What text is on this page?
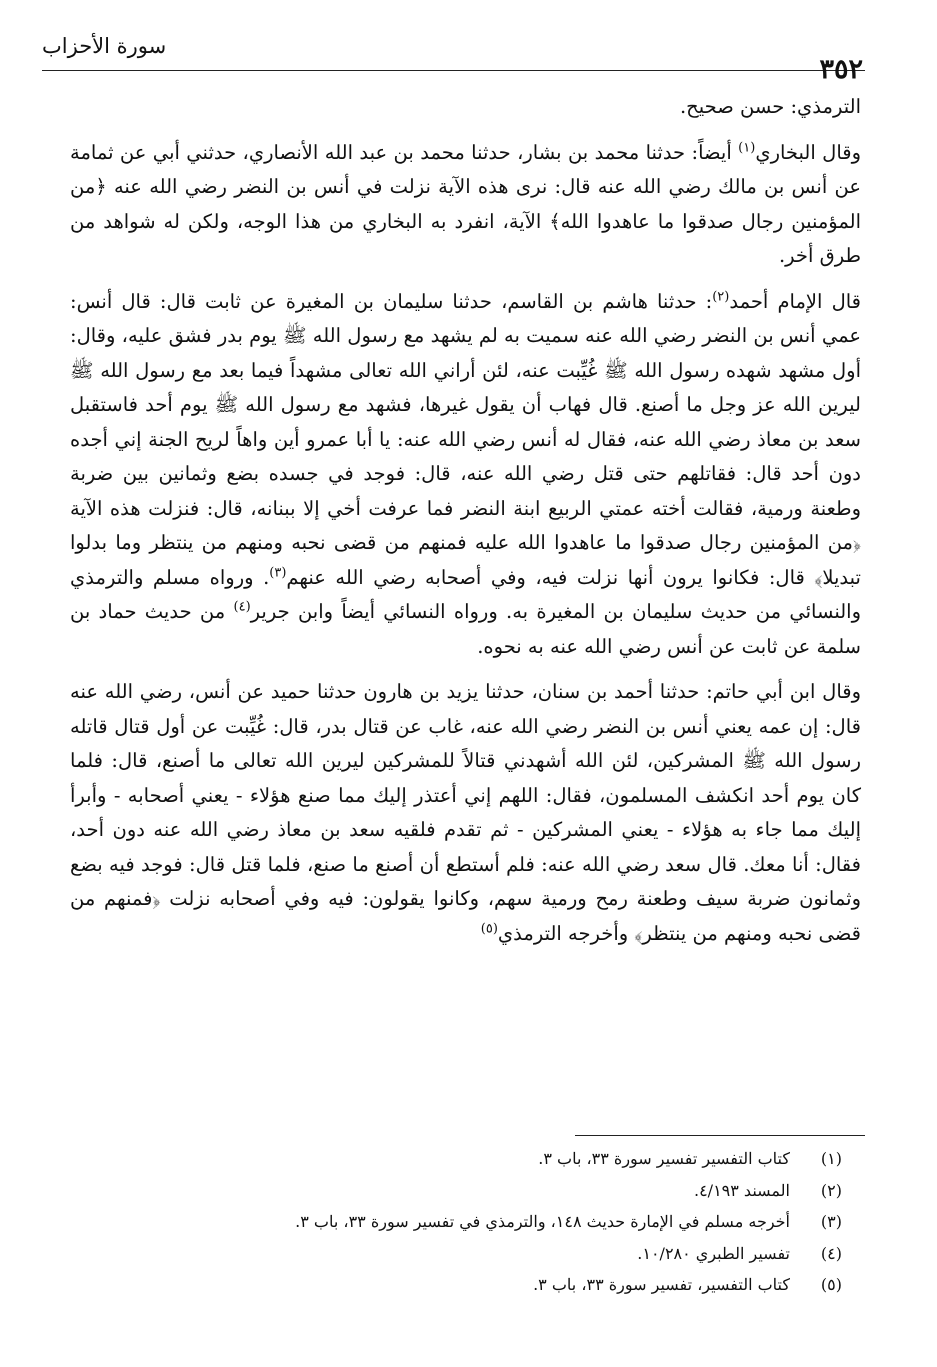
سورة الأحزاب
٣٥٢

الترمذي: حسن صحيح.

وقال البخاري$^{(١)}$ أيضاً: حدثنا محمد بن بشار، حدثنا محمد بن عبد الله الأنصاري، حدثني أبي عن ثمامة عن أنس بن مالك رضي الله عنه قال: نرى هذه الآية نزلت في أنس بن النضر رضي الله عنه ﴿من المؤمنين رجال صدقوا ما عاهدوا الله﴾ الآية، انفرد به البخاري من هذا الوجه، ولكن له شواهد من طرق أخر.

قال الإمام أحمد$^{(٢)}$: حدثنا هاشم بن القاسم، حدثنا سليمان بن المغيرة عن ثابت قال: قال أنس: عمي أنس بن النضر رضي الله عنه سميت به لم يشهد مع رسول الله ﷺ يوم بدر فشق عليه، وقال: أول مشهد شهده رسول الله ﷺ غُيِّبت عنه، لئن أراني الله تعالى مشهداً فيما بعد مع رسول الله ﷺ ليرين الله عز وجل ما أصنع. قال فهاب أن يقول غيرها، فشهد مع رسول الله ﷺ يوم أحد فاستقبل سعد بن معاذ رضي الله عنه، فقال له أنس رضي الله عنه: يا أبا عمرو أين واهاً لريح الجنة إني أجده دون أحد قال: فقاتلهم حتى قتل رضي الله عنه، قال: فوجد في جسده بضع وثمانين بين ضربة وطعنة ورمية، فقالت أخته عمتي الربيع ابنة النضر فما عرفت أخي إلا ببنانه، قال: فنزلت هذه الآية ﴿من المؤمنين رجال صدقوا ما عاهدوا الله عليه فمنهم من قضى نحبه ومنهم من ينتظر وما بدلوا تبديلا﴾ قال: فكانوا يرون أنها نزلت فيه، وفي أصحابه رضي الله عنهم$^{(٣)}$. ورواه مسلم والترمذي والنسائي من حديث سليمان بن المغيرة به. ورواه النسائي أيضاً وابن جرير$^{(٤)}$ من حديث حماد بن سلمة عن ثابت عن أنس رضي الله عنه به نحوه.

وقال ابن أبي حاتم: حدثنا أحمد بن سنان، حدثنا يزيد بن هارون حدثنا حميد عن أنس، رضي الله عنه قال: إن عمه يعني أنس بن النضر رضي الله عنه، غاب عن قتال بدر، قال: غُيِّبت عن أول قتال قاتله رسول الله ﷺ المشركين، لئن الله أشهدني قتالاً للمشركين ليرين الله تعالى ما أصنع، قال: فلما كان يوم أحد انكشف المسلمون، فقال: اللهم إني أعتذر إليك مما صنع هؤلاء - يعني أصحابه - وأبرأ إليك مما جاء به هؤلاء - يعني المشركين - ثم تقدم فلقيه سعد بن معاذ رضي الله عنه دون أحد، فقال: أنا معك. قال سعد رضي الله عنه: فلم أستطع أن أصنع ما صنع، فلما قتل قال: فوجد فيه بضع وثمانون ضربة سيف وطعنة رمح ورمية سهم، وكانوا يقولون: فيه وفي أصحابه نزلت ﴿فمنهم من قضى نحبه ومنهم من ينتظر﴾ وأخرجه الترمذي$^{(٥)}$

(١)
كتاب التفسير تفسير سورة ٣٣، باب ٣.
(٢)
المسند ٤/١٩٣.
(٣)
أخرجه مسلم في الإمارة حديث ١٤٨، والترمذي في تفسير سورة ٣٣، باب ٣.
(٤)
تفسير الطبري ١٠/٢٨٠.
(٥)
كتاب التفسير، تفسير سورة ٣٣، باب ٣.
